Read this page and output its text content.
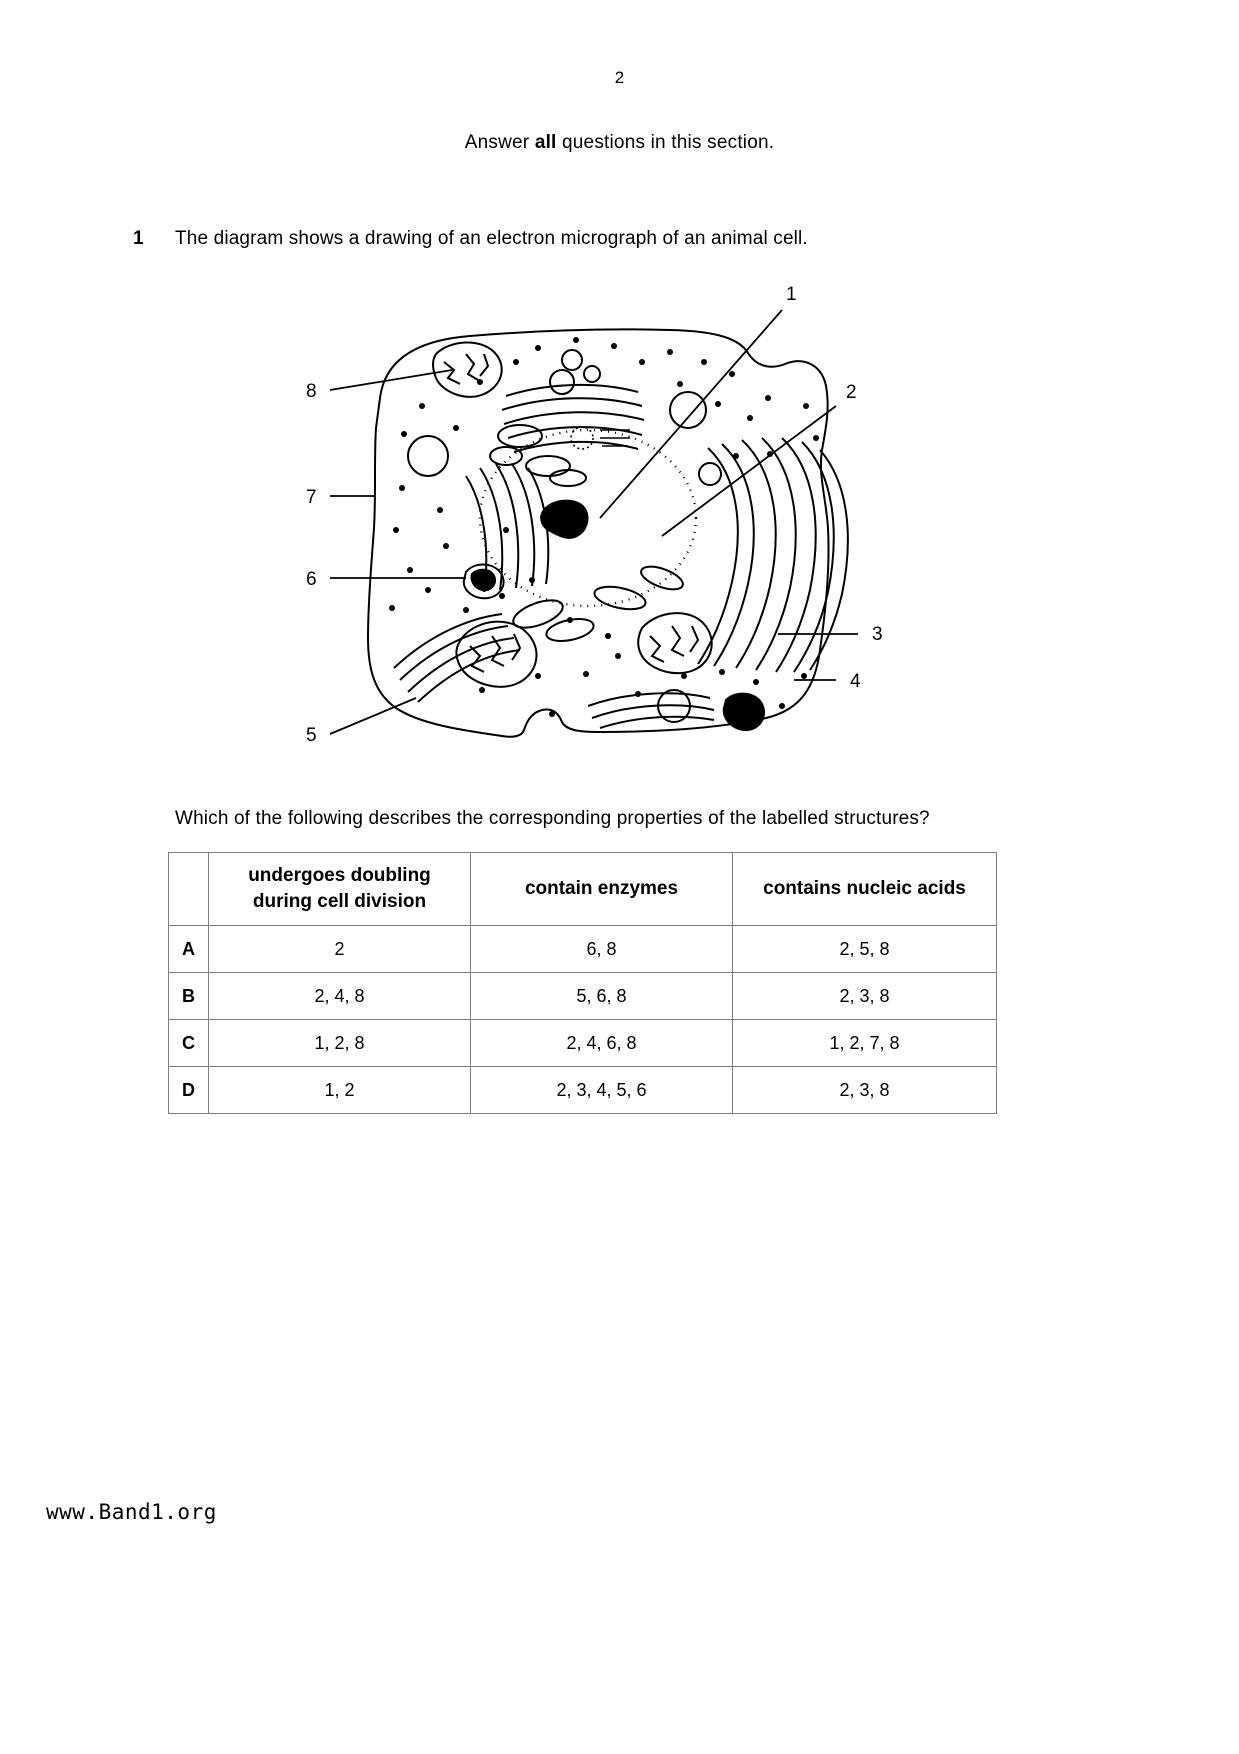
2
Answer all questions in this section.
1 The diagram shows a drawing of an electron micrograph of an animal cell.
1
2
3
4
5
6
7
8
Which of the following describes the corresponding properties of the labelled structures?

	undergoes doubling
during cell division	contain enzymes	contains nucleic acids
A	2	6, 8	2, 5, 8
B	2, 4, 8	5, 6, 8	2, 3, 8
C	1, 2, 8	2, 4, 6, 8	1, 2, 7, 8
D	1, 2	2, 3, 4, 5, 6	2, 3, 8
www.Band1.org
